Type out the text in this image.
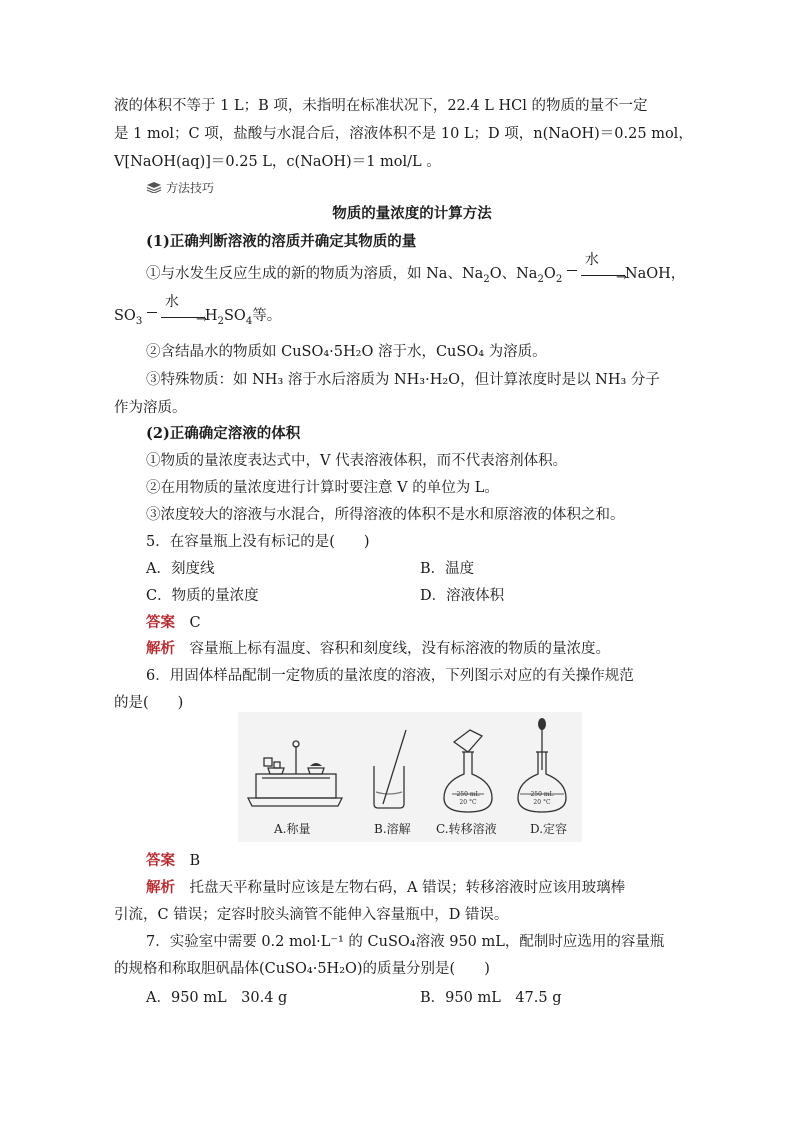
液的体积不等于 1 L；B 项，未指明在标准状况下，22.4 L HCl 的物质的量不一定
是 1 mol；C 项，盐酸与水混合后，溶液体积不是 10 L；D 项，n(NaOH)＝0.25 mol，
V[NaOH(aq)]＝0.25 L，c(NaOH)＝1 mol/L 。
方法技巧
物质的量浓度的计算方法
(1)正确判断溶液的溶质并确定其物质的量
①与水发生反应生成的新的物质为溶质，如 Na、$Na_2O$、$Na_2O_2$
水
→
NaOH，
$SO_3$
水
→
$H_2SO_4$等。
②含结晶水的物质如 CuSO₄·5H₂O 溶于水，CuSO₄ 为溶质。
③特殊物质：如 NH₃ 溶于水后溶质为 NH₃·H₂O，但计算浓度时是以 NH₃ 分子
作为溶质。
(2)正确确定溶液的体积
①物质的量浓度表达式中，V 代表溶液体积，而不代表溶剂体积。
②在用物质的量浓度进行计算时要注意 V 的单位为 L。
③浓度较大的溶液与水混合，所得溶液的体积不是水和原溶液的体积之和。
5．在容量瓶上没有标记的是(　　)
A．刻度线	B．温度
C．物质的量浓度	D．溶液体积
答案　 C
解析　 容量瓶上标有温度、容积和刻度线，没有标溶液的物质的量浓度。
6．用固体样品配制一定物质的量浓度的溶液，下列图示对应的有关操作规范
的是(　　)
250 mL
20 °C
250 mL
20 °C
A.称量	B.溶解 C.转移溶液	D.定容
答案　 B
解析　 托盘天平称量时应该是左物右码，A 错误；转移溶液时应该用玻璃棒
引流，C 错误；定容时胶头滴管不能伸入容量瓶中，D 错误。
7．实验室中需要 0.2 mol·L⁻¹ 的 CuSO₄溶液 950 mL，配制时应选用的容量瓶
的规格和称取胆矾晶体(CuSO₄·5H₂O)的质量分别是(　　)
A．950 mL　30.4 g	B．950 mL　47.5 g
